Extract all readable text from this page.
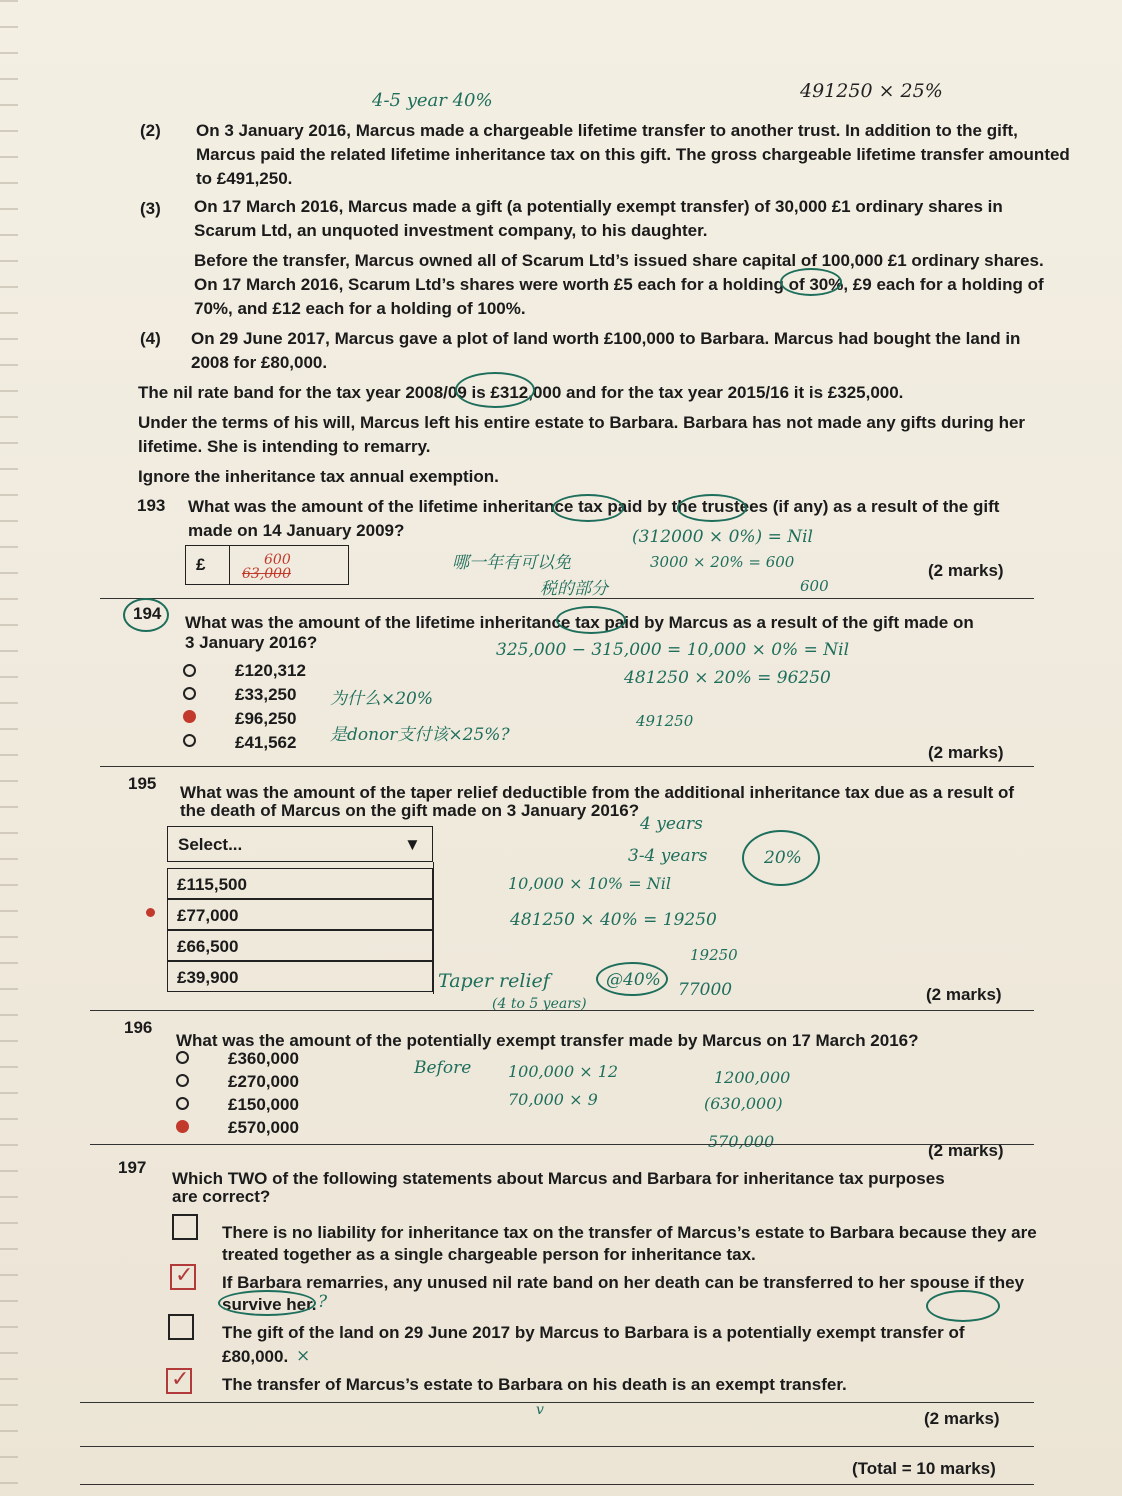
4-5 year 40%	491250 × 25%
(2) On 3 January 2016, Marcus made a chargeable lifetime transfer to another trust. In addition to the gift,
Marcus paid the related lifetime inheritance tax on this gift. The gross chargeable lifetime transfer amounted
to £491,250.
(3) On 17 March 2016, Marcus made a gift (a potentially exempt transfer) of 30,000 £1 ordinary shares in
Scarum Ltd, an unquoted investment company, to his daughter.
Before the transfer, Marcus owned all of Scarum Ltd’s issued share capital of 100,000 £1 ordinary shares.
On 17 March 2016, Scarum Ltd’s shares were worth £5 each for a holding of 30%, £9 each for a holding of
70%, and £12 each for a holding of 100%.
(4) On 29 June 2017, Marcus gave a plot of land worth £100,000 to Barbara. Marcus had bought the land in
2008 for £80,000.
The nil rate band for the tax year 2008/09 is £312,000 and for the tax year 2015/16 it is £325,000.
Under the terms of his will, Marcus left his entire estate to Barbara. Barbara has not made any gifts during her
lifetime. She is intending to remarry.
Ignore the inheritance tax annual exemption.
193 What was the amount of the lifetime inheritance tax paid by the trustees (if any) as a result of the gift
made on 14 January 2009?
£	600
63,000
(312000 × 0%) = Nil
3000 × 20% = 600
600
哪一年有可以免
税的部分
(2 marks)
194 What was the amount of the lifetime inheritance tax paid by Marcus as a result of the gift made on
3 January 2016?
£120,312
£33,250
£96,250
£41,562
325,000 − 315,000 = 10,000 × 0% = Nil
481250 × 20% = 96250
491250
为什么×20%
是donor支付该×25%?
(2 marks)
195 What was the amount of the taper relief deductible from the additional inheritance tax due as a result of
the death of Marcus on the gift made on 3 January 2016?
Select...	▼
£115,500
£77,000
£66,500
£39,900
4 years
3-4 years	20%
10,000 × 10% = Nil
481250 × 40% = 19250
19250
Taper relief	@40% 77000
(4 to 5 years)	(2 marks)
196
What was the amount of the potentially exempt transfer made by Marcus on 17 March 2016?
£360,000
£270,000
£150,000
£570,000
Before 100,000 × 12
70,000 × 9
1200,000
(630,000)
570,000	(2 marks)
197
Which TWO of the following statements about Marcus and Barbara for inheritance tax purposes
are correct?
There is no liability for inheritance tax on the transfer of Marcus’s estate to Barbara because they are
treated together as a single chargeable person for inheritance tax.
✓ If Barbara remarries, any unused nil rate band on her death can be transferred to her spouse if they
survive her. ?
The gift of the land on 29 June 2017 by Marcus to Barbara is a potentially exempt transfer of
£80,000. ×
✓ The transfer of Marcus’s estate to Barbara on his death is an exempt transfer.
v	(2 marks)
(Total = 10 marks)
